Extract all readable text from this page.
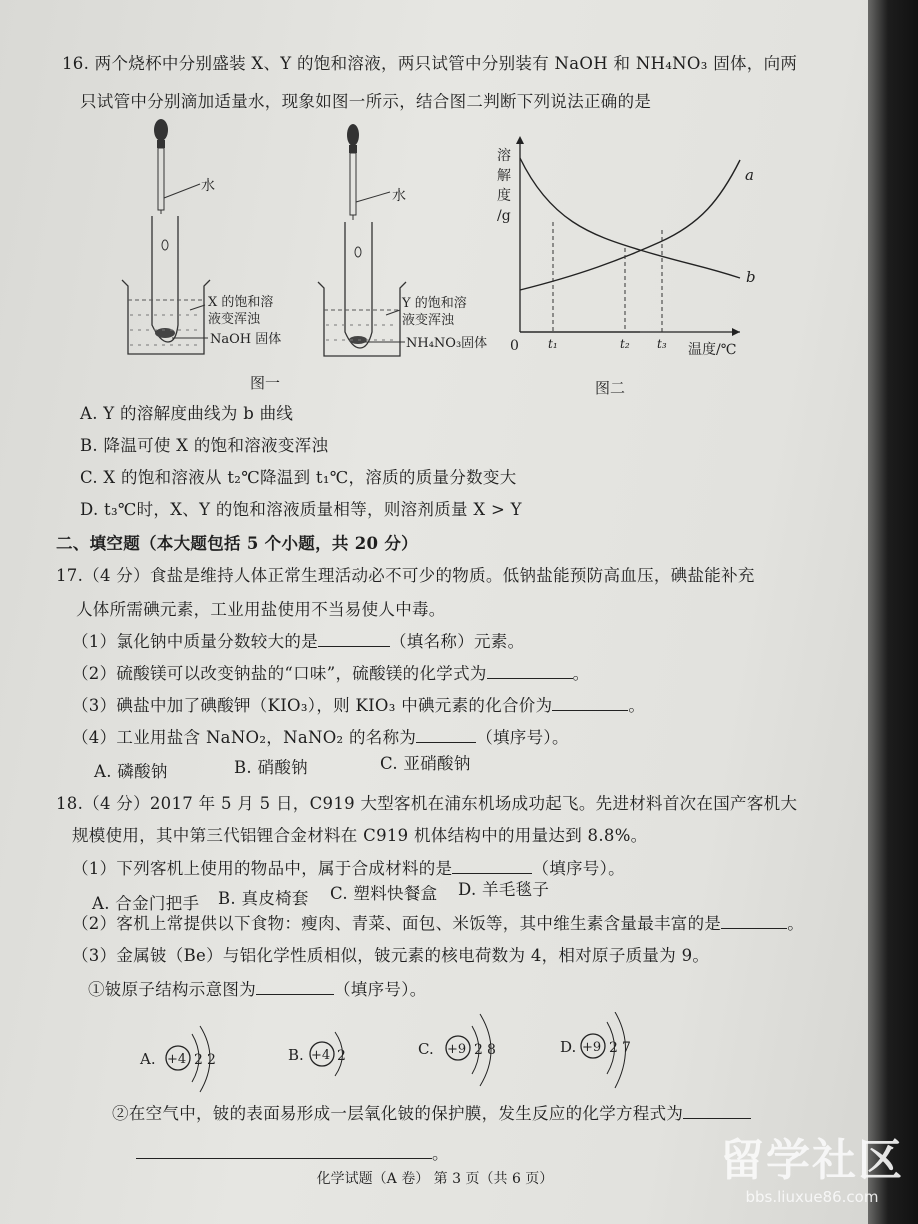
16. 两个烧杯中分别盛装 X、Y 的饱和溶液，两只试管中分别装有 NaOH 和 NH₄NO₃ 固体，向两
只试管中分别滴加适量水，现象如图一所示，结合图二判断下列说法正确的是
水
X 的饱和溶
液变浑浊
NaOH 固体
水
Y 的饱和溶
液变浑浊
NH₄NO₃固体
图一
溶
解
度
/g
a
b
0 t₁	t₂ t₃ 温度/℃
图二
A. Y 的溶解度曲线为 b 曲线
B. 降温可使 X 的饱和溶液变浑浊
C. X 的饱和溶液从 t₂℃降温到 t₁℃，溶质的质量分数变大
D. t₃℃时，X、Y 的饱和溶液质量相等，则溶剂质量 X > Y
二、填空题（本大题包括 5 个小题，共 20 分）
17.（4 分）食盐是维持人体正常生理活动必不可少的物质。低钠盐能预防高血压，碘盐能补充
人体所需碘元素，工业用盐使用不当易使人中毒。
（1）氯化钠中质量分数较大的是	（填名称）元素。
（2）硫酸镁可以改变钠盐的“口味”，硫酸镁的化学式为	。
（3）碘盐中加了碘酸钾（KIO₃），则 KIO₃ 中碘元素的化合价为	。
（4）工业用盐含 NaNO₂，NaNO₂ 的名称为	（填序号）。
A. 磷酸钠	B. 硝酸钠	C. 亚硝酸钠
18.（4 分）2017 年 5 月 5 日，C919 大型客机在浦东机场成功起飞。先进材料首次在国产客机大
规模使用，其中第三代铝锂合金材料在 C919 机体结构中的用量达到 8.8%。
（1）下列客机上使用的物品中，属于合成材料的是	（填序号）。
A. 合金门把手 B. 真皮椅套 C. 塑料快餐盒 D. 羊毛毯子
（2）客机上常提供以下食物：瘦肉、青菜、面包、米饭等，其中维生素含量最丰富的是	。
（3）金属铍（Be）与铝化学性质相似，铍元素的核电荷数为 4，相对原子质量为 9。
①铍原子结构示意图为	（填序号）。
A. +4 2 2	B. +4 2	C. +9 2 8	D. +9 2 7
②在空气中，铍的表面易形成一层氧化铍的保护膜，发生反应的化学方程式为
。
化学试题（A 卷） 第 3 页（共 6 页）	留学社区
bbs.liuxue86.com
